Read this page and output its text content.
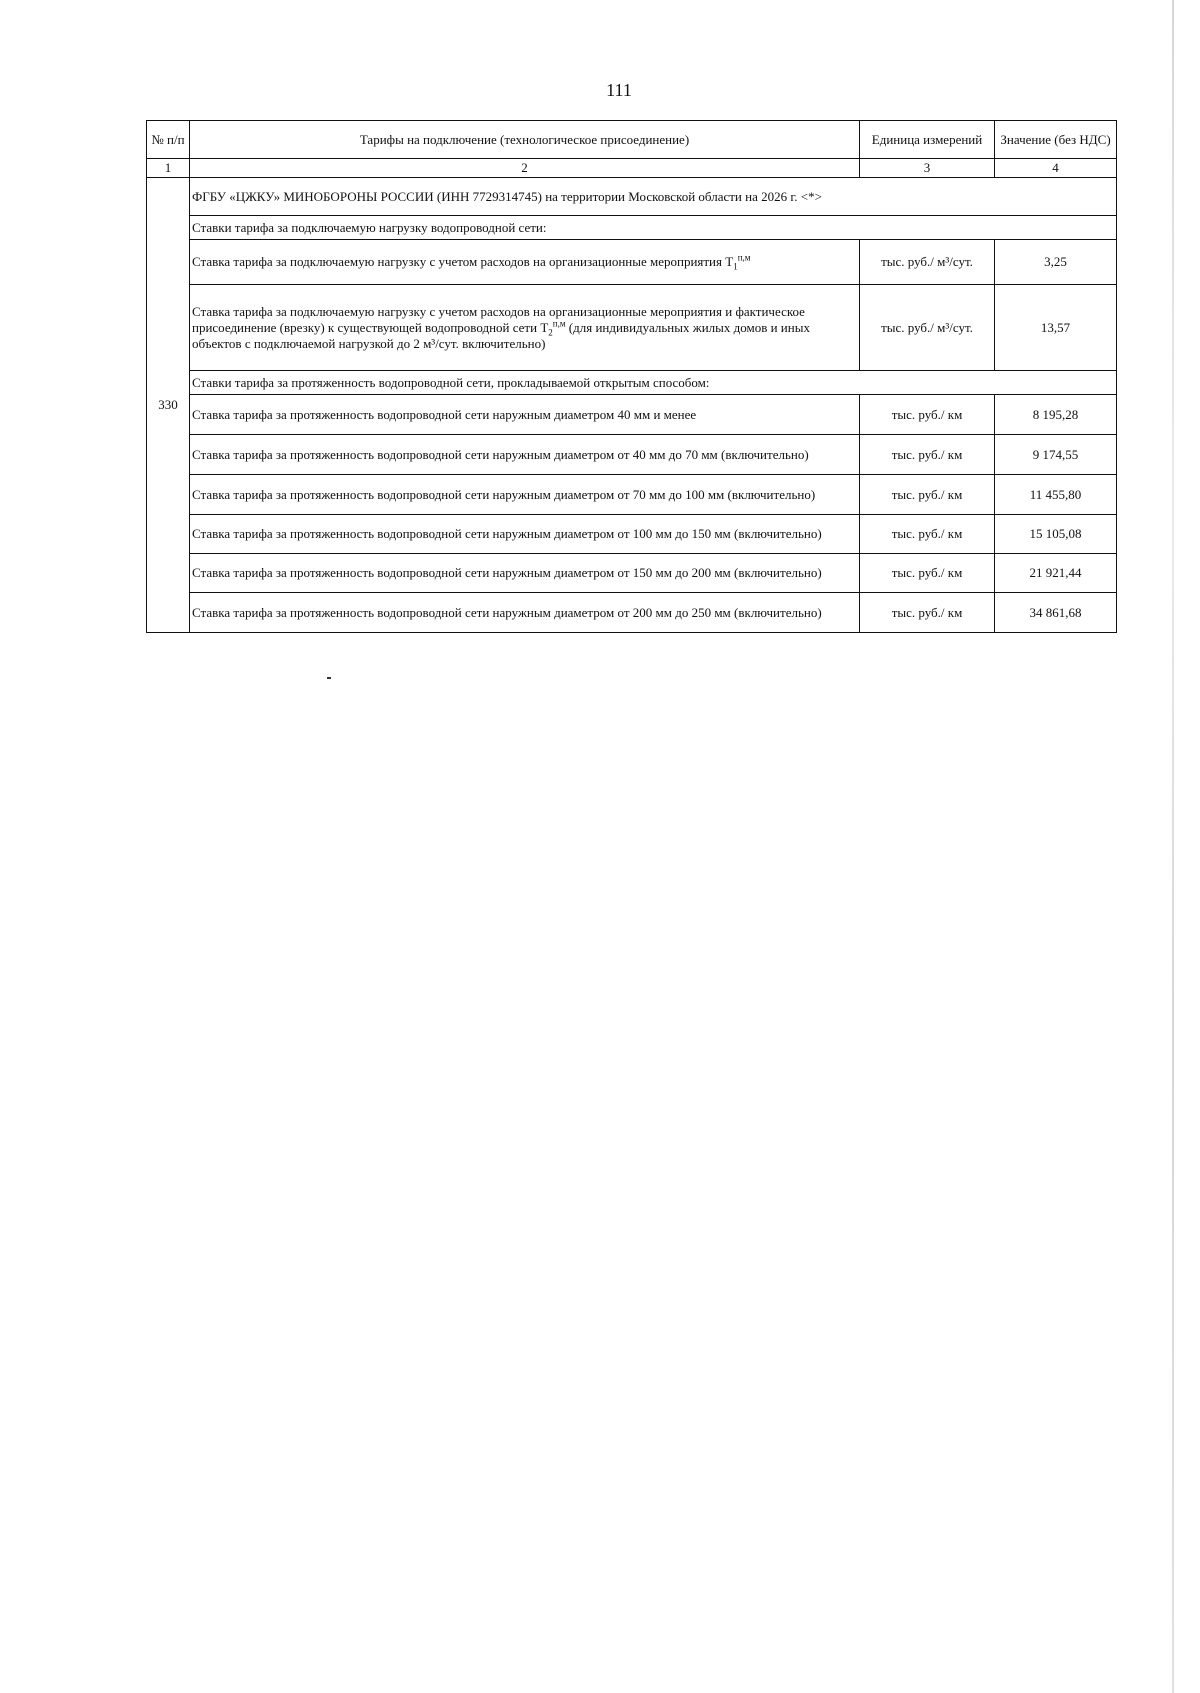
111
№ п/п	Тарифы на подключение (технологическое присоединение)	Единица измерений	Значение (без НДС)
1	2	3	4
330	ФГБУ «ЦЖКУ» МИНОБОРОНЫ РОССИИ (ИНН 7729314745) на территории Московской области на 2026 г. <*>		
	Ставки тарифа за подключаемую нагрузку водопроводной сети:		
	Ставка тарифа за подключаемую нагрузку с учетом расходов на организационные мероприятия $T_1^{п,м}$	тыс. руб./ м³/сут.	3,25
	Ставка тарифа за подключаемую нагрузку с учетом расходов на организационные мероприятия и фактическое присоединение (врезку) к существующей водопроводной сети $T_2^{п,м}$ (для индивидуальных жилых домов и иных объектов с подключаемой нагрузкой до 2 м³/сут. включительно)	тыс. руб./ м³/сут.	13,57
	Ставки тарифа за протяженность водопроводной сети, прокладываемой открытым способом:		
	Ставка тарифа за протяженность водопроводной сети наружным диаметром 40 мм и менее	тыс. руб./ км	8 195,28
	Ставка тарифа за протяженность водопроводной сети наружным диаметром от 40 мм до 70 мм (включительно)	тыс. руб./ км	9 174,55
	Ставка тарифа за протяженность водопроводной сети наружным диаметром от 70 мм до 100 мм (включительно)	тыс. руб./ км	11 455,80
	Ставка тарифа за протяженность водопроводной сети наружным диаметром от 100 мм до 150 мм (включительно)	тыс. руб./ км	15 105,08
	Ставка тарифа за протяженность водопроводной сети наружным диаметром от 150 мм до 200 мм (включительно)	тыс. руб./ км	21 921,44
	Ставка тарифа за протяженность водопроводной сети наружным диаметром от 200 мм до 250 мм (включительно)	тыс. руб./ км	34 861,68
